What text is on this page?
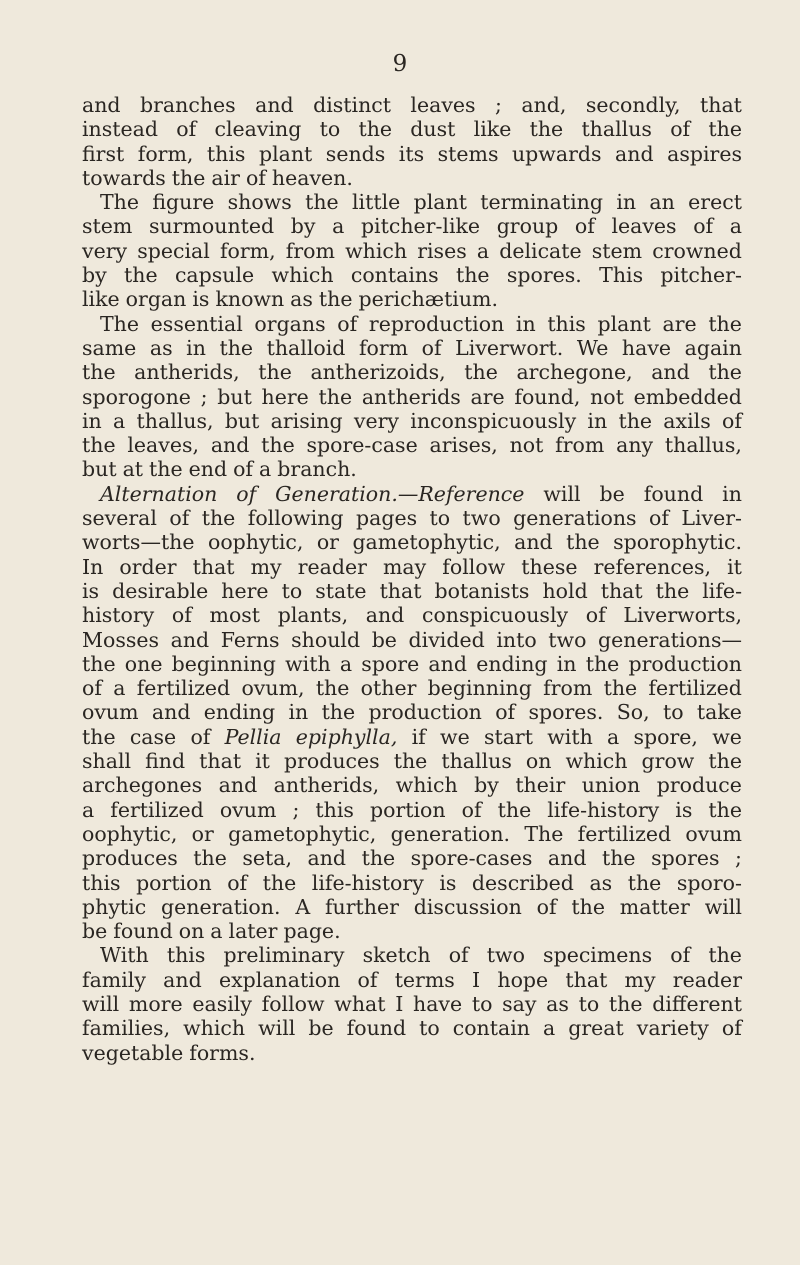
9
and branches and distinct leaves ; and, secondly, that
instead of cleaving to the dust like the thallus of the
first form, this plant sends its stems upwards and aspires
towards the air of heaven.
The figure shows the little plant terminating in an erect
stem surmounted by a pitcher-like group of leaves of a
very special form, from which rises a delicate stem crowned
by the capsule which contains the spores. This pitcher-
like organ is known as the perichætium.
The essential organs of reproduction in this plant are the
same as in the thalloid form of Liverwort. We have again
the antherids, the antherizoids, the archegone, and the
sporogone ; but here the antherids are found, not embedded
in a thallus, but arising very inconspicuously in the axils of
the leaves, and the spore-case arises, not from any thallus,
but at the end of a branch.
Alternation of Generation.—Reference will be found in
several of the following pages to two generations of Liver-
worts—the oophytic, or gametophytic, and the sporophytic.
In order that my reader may follow these references, it
is desirable here to state that botanists hold that the life-
history of most plants, and conspicuously of Liverworts,
Mosses and Ferns should be divided into two generations—
the one beginning with a spore and ending in the production
of a fertilized ovum, the other beginning from the fertilized
ovum and ending in the production of spores. So, to take
the case of Pellia epiphylla, if we start with a spore, we
shall find that it produces the thallus on which grow the
archegones and antherids, which by their union produce
a fertilized ovum ; this portion of the life-history is the
oophytic, or gametophytic, generation. The fertilized ovum
produces the seta, and the spore-cases and the spores ;
this portion of the life-history is described as the sporo-
phytic generation. A further discussion of the matter will
be found on a later page.
With this preliminary sketch of two specimens of the
family and explanation of terms I hope that my reader
will more easily follow what I have to say as to the different
families, which will be found to contain a great variety of
vegetable forms.
